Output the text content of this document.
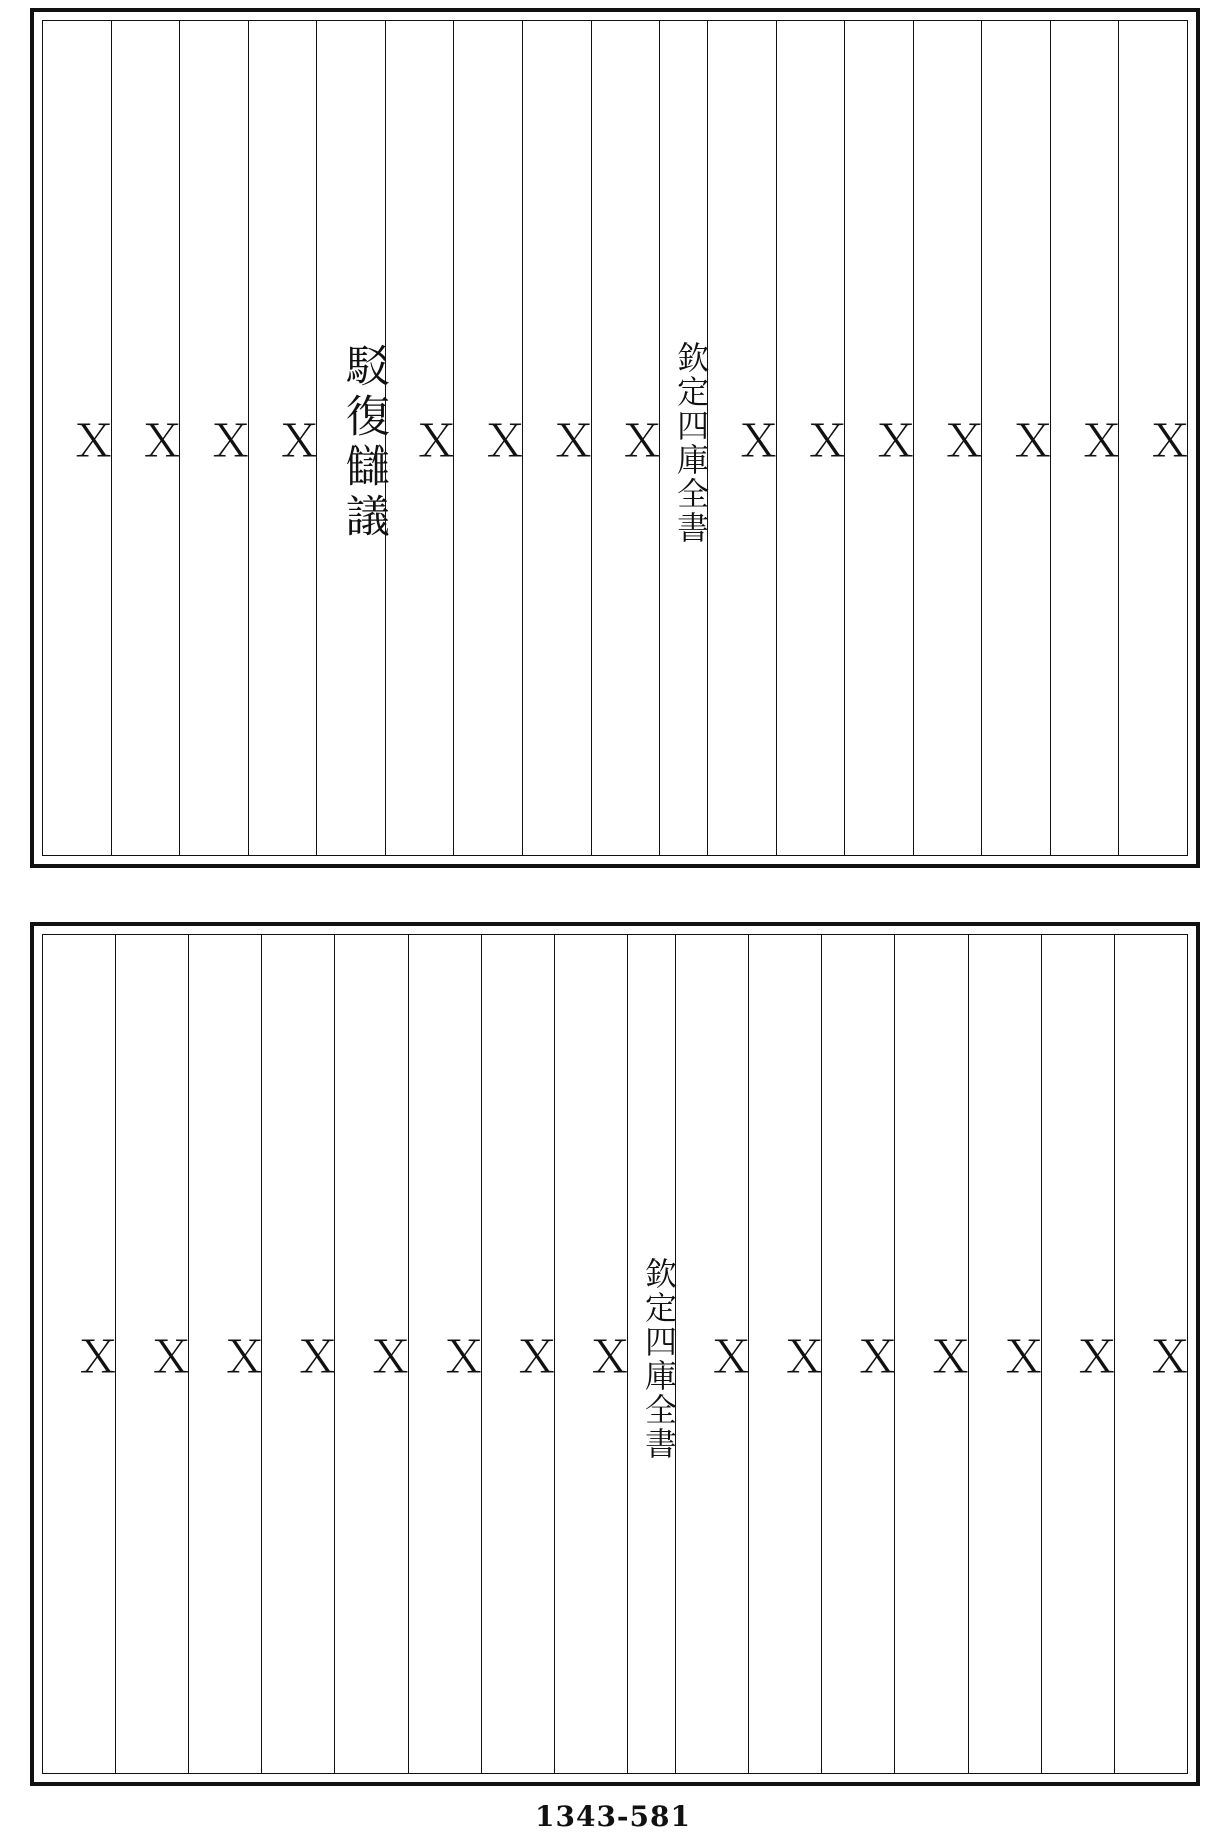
Ｘ
Ｘ
Ｘ
Ｘ
Ｘ
Ｘ
Ｘ
欽定四庫全書
Ｘ
Ｘ
Ｘ
Ｘ
駁復讎議
Ｘ
Ｘ
Ｘ
Ｘ
Ｘ
Ｘ
Ｘ
Ｘ
Ｘ
Ｘ
Ｘ
欽定四庫全書
Ｘ
Ｘ
Ｘ
Ｘ
Ｘ
Ｘ
Ｘ
Ｘ
1343-581
